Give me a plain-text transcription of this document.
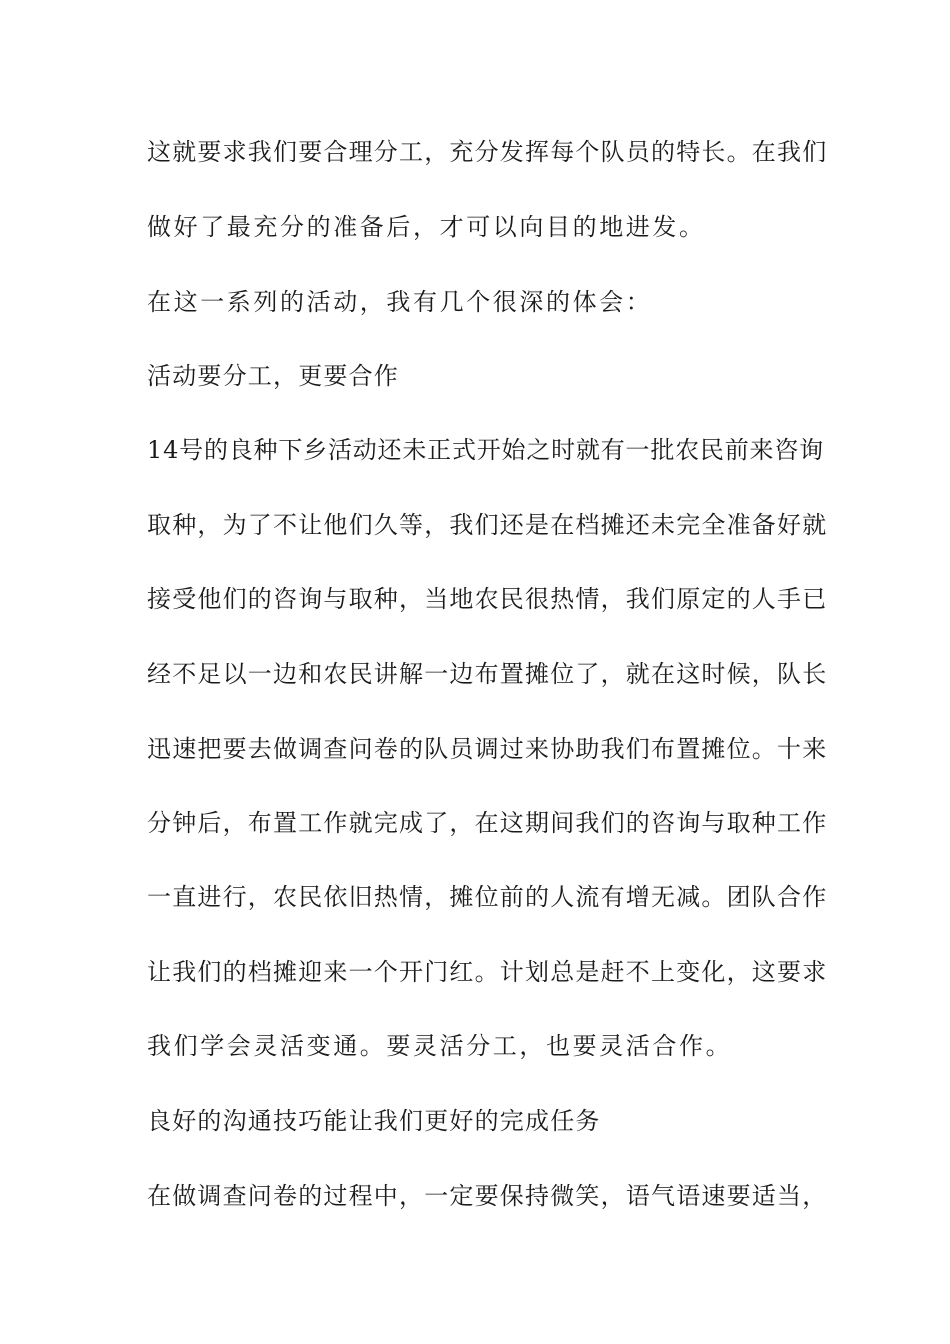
这就要求我们要合理分工，充分发挥每个队员的特长。在我们
做好了最充分的准备后，才可以向目的地进发。
在这一系列的活动，我有几个很深的体会：
活动要分工，更要合作
14号的良种下乡活动还未正式开始之时就有一批农民前来咨询
取种，为了不让他们久等，我们还是在档摊还未完全准备好就
接受他们的咨询与取种，当地农民很热情，我们原定的人手已
经不足以一边和农民讲解一边布置摊位了，就在这时候，队长
迅速把要去做调查问卷的队员调过来协助我们布置摊位。十来
分钟后，布置工作就完成了，在这期间我们的咨询与取种工作
一直进行，农民依旧热情，摊位前的人流有增无减。团队合作
让我们的档摊迎来一个开门红。计划总是赶不上变化，这要求
我们学会灵活变通。要灵活分工，也要灵活合作。
良好的沟通技巧能让我们更好的完成任务
在做调查问卷的过程中，一定要保持微笑，语气语速要适当，
